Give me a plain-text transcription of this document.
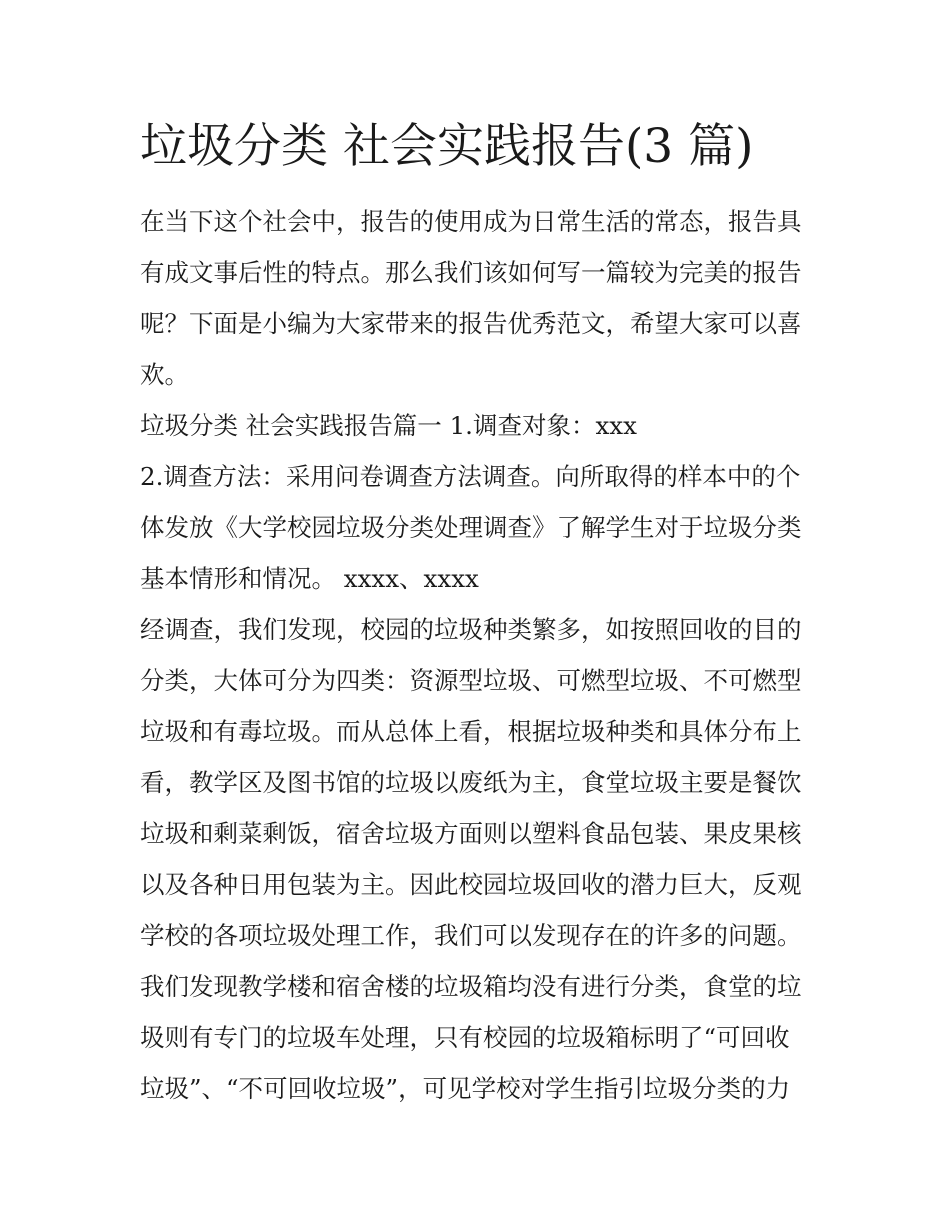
垃圾分类 社会实践报告(3 篇)
在当下这个社会中，报告的使用成为日常生活的常态，报告具
有成文事后性的特点。那么我们该如何写一篇较为完美的报告
呢？下面是小编为大家带来的报告优秀范文，希望大家可以喜
欢。
垃圾分类 社会实践报告篇一 1.调查对象：xxx
2.调查方法：采用问卷调查方法调查。向所取得的样本中的个
体发放《大学校园垃圾分类处理调查》了解学生对于垃圾分类
基本情形和情况。 xxxx、xxxx
经调查，我们发现，校园的垃圾种类繁多，如按照回收的目的
分类，大体可分为四类：资源型垃圾、可燃型垃圾、不可燃型
垃圾和有毒垃圾。而从总体上看，根据垃圾种类和具体分布上
看，教学区及图书馆的垃圾以废纸为主，食堂垃圾主要是餐饮
垃圾和剩菜剩饭，宿舍垃圾方面则以塑料食品包装、果皮果核
以及各种日用包装为主。因此校园垃圾回收的潜力巨大，反观
学校的各项垃圾处理工作，我们可以发现存在的许多的问题。
我们发现教学楼和宿舍楼的垃圾箱均没有进行分类，食堂的垃
圾则有专门的垃圾车处理，只有校园的垃圾箱标明了“可回收
垃圾”、“不可回收垃圾”，可见学校对学生指引垃圾分类的力
